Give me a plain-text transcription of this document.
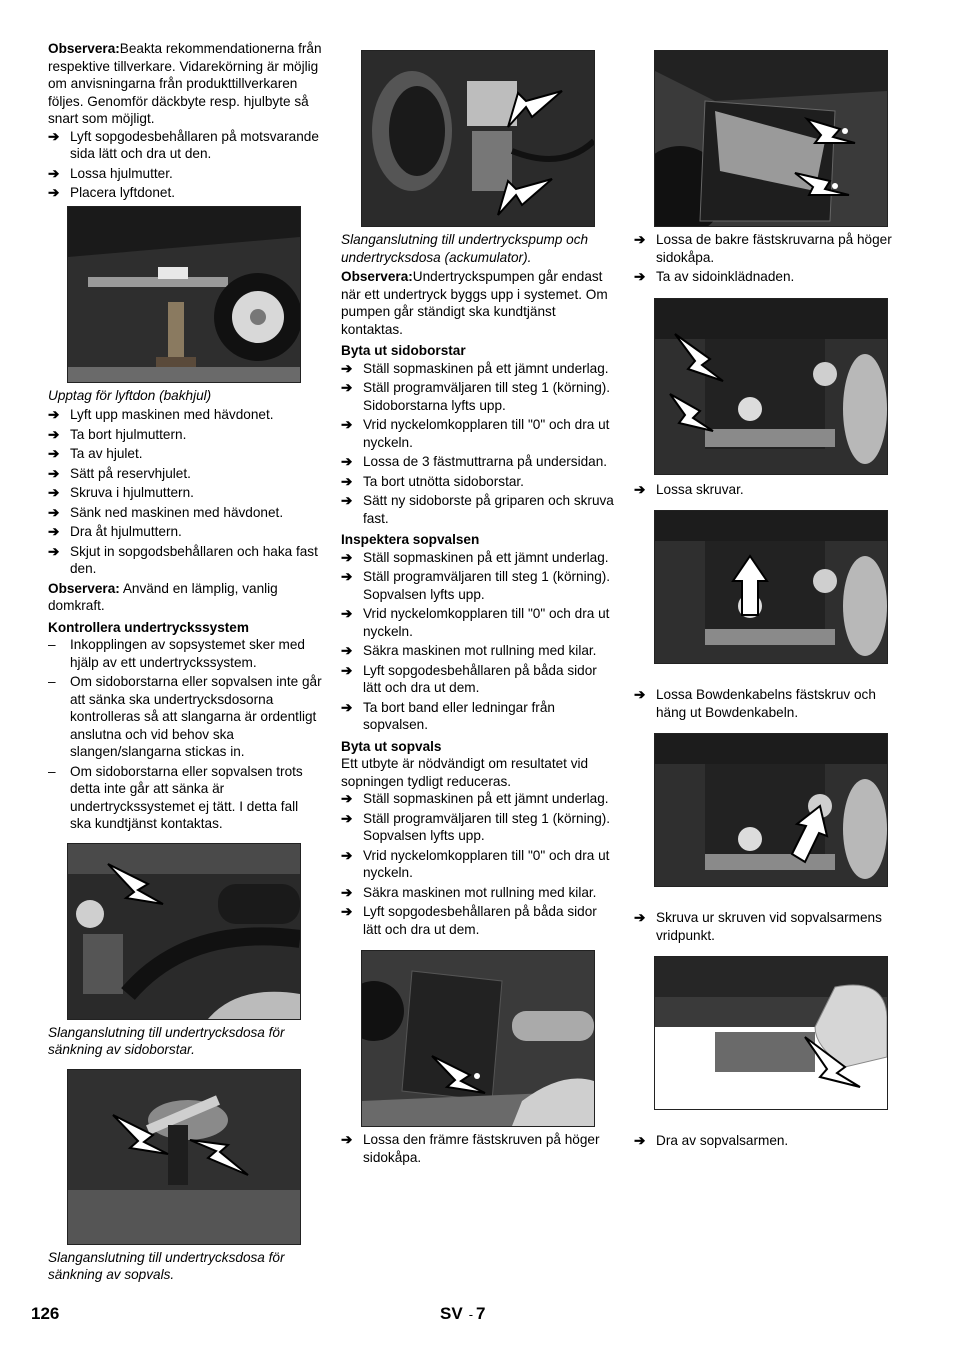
Observera:Beakta rekommendationerna från respektive tillverkare. Vidarekörning är möjlig om anvisningarna från produkttillverkaren följes. Genomför däckbyte resp. hjulbyte så snart som möjligt.

➔ Lyft sopgodesbehållaren på motsvarande sida lätt och dra ut den.
➔ Lossa hjulmutter.
➔ Placera lyftdonet.

Upptag för lyftdon (bakhjul)

➔ Lyft upp maskinen med hävdonet.
➔ Ta bort hjulmuttern.
➔ Ta av hjulet.
➔ Sätt på reservhjulet.
➔ Skruva i hjulmuttern.
➔ Sänk ned maskinen med hävdonet.
➔ Dra åt hjulmuttern.
➔ Skjut in sopgodsbehållaren och haka fast den.

Observera: Använd en lämplig, vanlig domkraft.

Kontrollera undertryckssystem

– Inkopplingen av sopsystemet sker med hjälp av ett undertryckssystem.
– Om sidoborstarna eller sopvalsen inte går att sänka ska undertrycksdosorna kontrolleras så att slangarna är ordentligt anslutna och vid behov ska slangen/slangarna stickas in.
– Om sidoborstarna eller sopvalsen trots detta inte går att sänka är undertryckssystemet ej tätt. I detta fall ska kundtjänst kontaktas.

Slanganslutning till undertrycksdosa för sänkning av sidoborstar.

Slanganslutning till undertrycksdosa för sänkning av sopvals.

Slanganslutning till undertryckspump och undertrycksdosa (ackumulator).

Observera:Undertryckspumpen går endast när ett undertryck byggs upp i systemet. Om pumpen går ständigt ska kundtjänst kontaktas.

Byta ut sidoborstar

➔ Ställ sopmaskinen på ett jämnt underlag.
➔ Ställ programväljaren till steg 1 (körning). Sidoborstarna lyfts upp.
➔ Vrid nyckelomkopplaren till "0" och dra ut nyckeln.
➔ Lossa de 3 fästmuttrarna på undersidan.
➔ Ta bort utnötta sidoborstar.
➔ Sätt ny sidoborste på griparen och skruva fast.

Inspektera sopvalsen

➔ Ställ sopmaskinen på ett jämnt underlag.
➔ Ställ programväljaren till steg 1 (körning). Sopvalsen lyfts upp.
➔ Vrid nyckelomkopplaren till "0" och dra ut nyckeln.
➔ Säkra maskinen mot rullning med kilar.
➔ Lyft sopgodesbehållaren på båda sidor lätt och dra ut dem.
➔ Ta bort band eller ledningar från sopvalsen.

Byta ut sopvals

Ett utbyte är nödvändigt om resultatet vid sopningen tydligt reduceras.

➔ Ställ sopmaskinen på ett jämnt underlag.
➔ Ställ programväljaren till steg 1 (körning). Sopvalsen lyfts upp.
➔ Vrid nyckelomkopplaren till "0" och dra ut nyckeln.
➔ Säkra maskinen mot rullning med kilar.
➔ Lyft sopgodesbehållaren på båda sidor lätt och dra ut dem.
➔ Lossa den främre fästskruven på höger sidokåpa.
➔ Lossa de bakre fästskruvarna på höger sidokåpa.
➔ Ta av sidoinklädnaden.
➔ Lossa skruvar.
➔ Lossa Bowdenkabelns fästskruv och häng ut Bowdenkabeln.
➔ Skruva ur skruven vid sopvalsarmens vridpunkt.
➔ Dra av sopvalsarmen.
126	SV - 7
